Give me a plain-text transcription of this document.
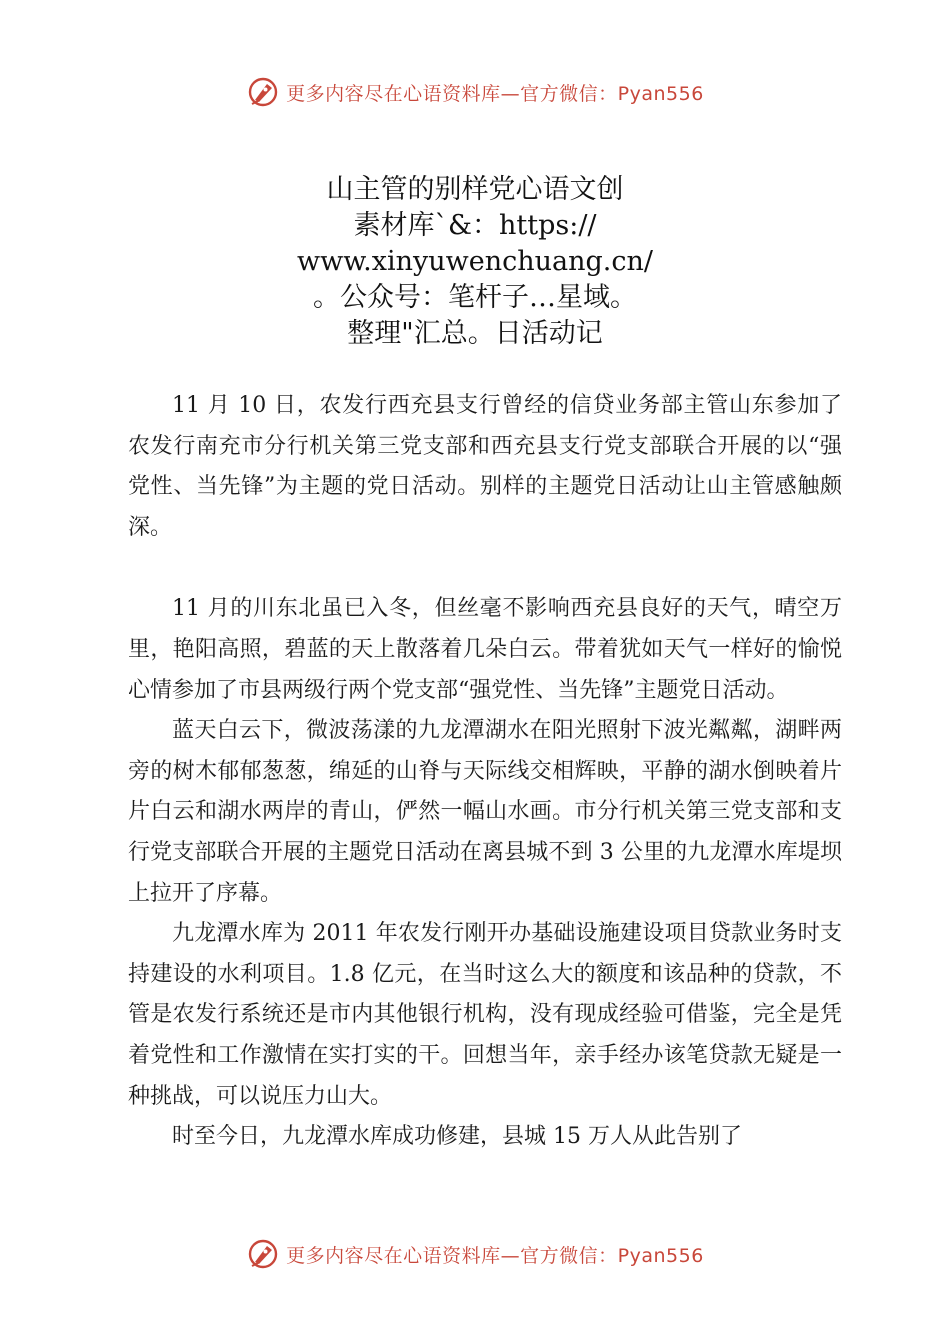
更多内容尽在心语资料库—官方微信：Pyan556
山主管的别样党心语文创
素材库`&：https://
www.xinyuwenchuang.cn/
。公众号：笔杆子…星域。
整理"汇总。日活动记

11 月 10 日，农发行西充县支行曾经的信贷业务部主管山东参加了农发行南充市分行机关第三党支部和西充县支行党支部联合开展的以“强党性、当先锋”为主题的党日活动。别样的主题党日活动让山主管感触颇深。

11 月的川东北虽已入冬，但丝毫不影响西充县良好的天气，晴空万里，艳阳高照，碧蓝的天上散落着几朵白云。带着犹如天气一样好的愉悦心情参加了市县两级行两个党支部“强党性、当先锋”主题党日活动。

蓝天白云下，微波荡漾的九龙潭湖水在阳光照射下波光粼粼，湖畔两旁的树木郁郁葱葱，绵延的山脊与天际线交相辉映，平静的湖水倒映着片片白云和湖水两岸的青山，俨然一幅山水画。市分行机关第三党支部和支行党支部联合开展的主题党日活动在离县城不到 3 公里的九龙潭水库堤坝上拉开了序幕。

九龙潭水库为 2011 年农发行刚开办基础设施建设项目贷款业务时支持建设的水利项目。1.8 亿元，在当时这么大的额度和该品种的贷款，不管是农发行系统还是市内其他银行机构，没有现成经验可借鉴，完全是凭着党性和工作激情在实打实的干。回想当年，亲手经办该笔贷款无疑是一种挑战，可以说压力山大。

时至今日，九龙潭水库成功修建，县城 15 万人从此告别了

更多内容尽在心语资料库—官方微信：Pyan556
